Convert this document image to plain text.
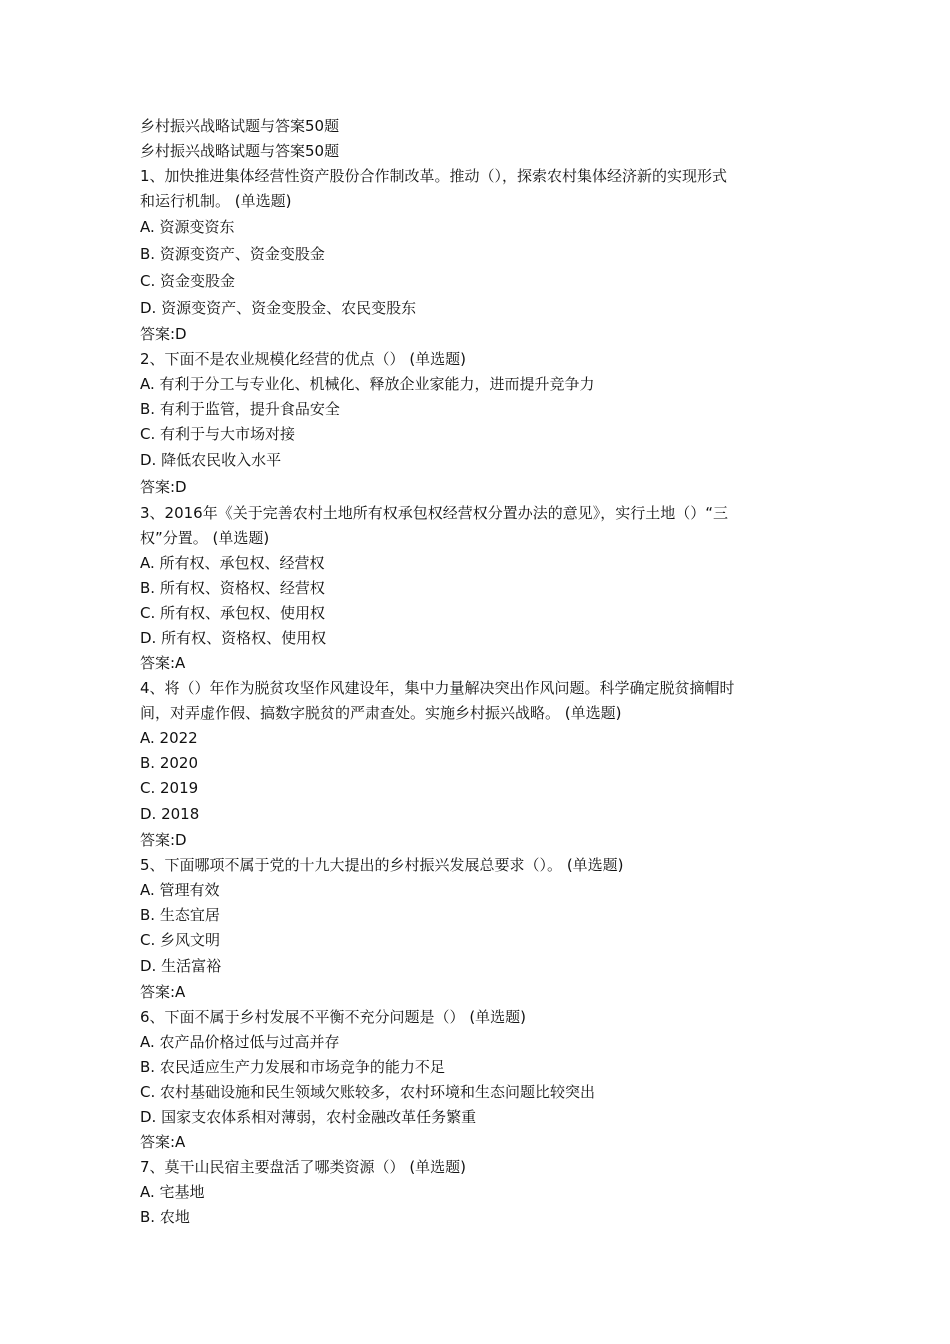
乡村振兴战略试题与答案50题
乡村振兴战略试题与答案50题
1、加快推进集体经营性资产股份合作制改革。推动（），探索农村集体经济新的实现形式
和运行机制。 (单选题)
A. 资源变资东
B. 资源变资产、资金变股金
C. 资金变股金
D. 资源变资产、资金变股金、农民变股东
答案:D
2、下面不是农业规模化经营的优点（） (单选题)
A. 有利于分工与专业化、机械化、释放企业家能力，进而提升竞争力
B. 有利于监管，提升食品安全
C. 有利于与大市场对接
D. 降低农民收入水平
答案:D
3、2016年《关于完善农村土地所有权承包权经营权分置办法的意见》，实行土地（）“三
权”分置。 (单选题)
A. 所有权、承包权、经营权
B. 所有权、资格权、经营权
C. 所有权、承包权、使用权
D. 所有权、资格权、使用权
答案:A
4、将（）年作为脱贫攻坚作风建设年，集中力量解决突出作风问题。科学确定脱贫摘帽时
间，对弄虚作假、搞数字脱贫的严肃查处。实施乡村振兴战略。 (单选题)
A. 2022
B. 2020
C. 2019
D. 2018
答案:D
5、下面哪项不属于党的十九大提出的乡村振兴发展总要求（）。 (单选题)
A. 管理有效
B. 生态宜居
C. 乡风文明
D. 生活富裕
答案:A
6、下面不属于乡村发展不平衡不充分问题是（） (单选题)
A. 农产品价格过低与过高并存
B. 农民适应生产力发展和市场竞争的能力不足
C. 农村基础设施和民生领域欠账较多，农村环境和生态问题比较突出
D. 国家支农体系相对薄弱，农村金融改革任务繁重
答案:A
7、莫干山民宿主要盘活了哪类资源（） (单选题)
A. 宅基地
B. 农地
